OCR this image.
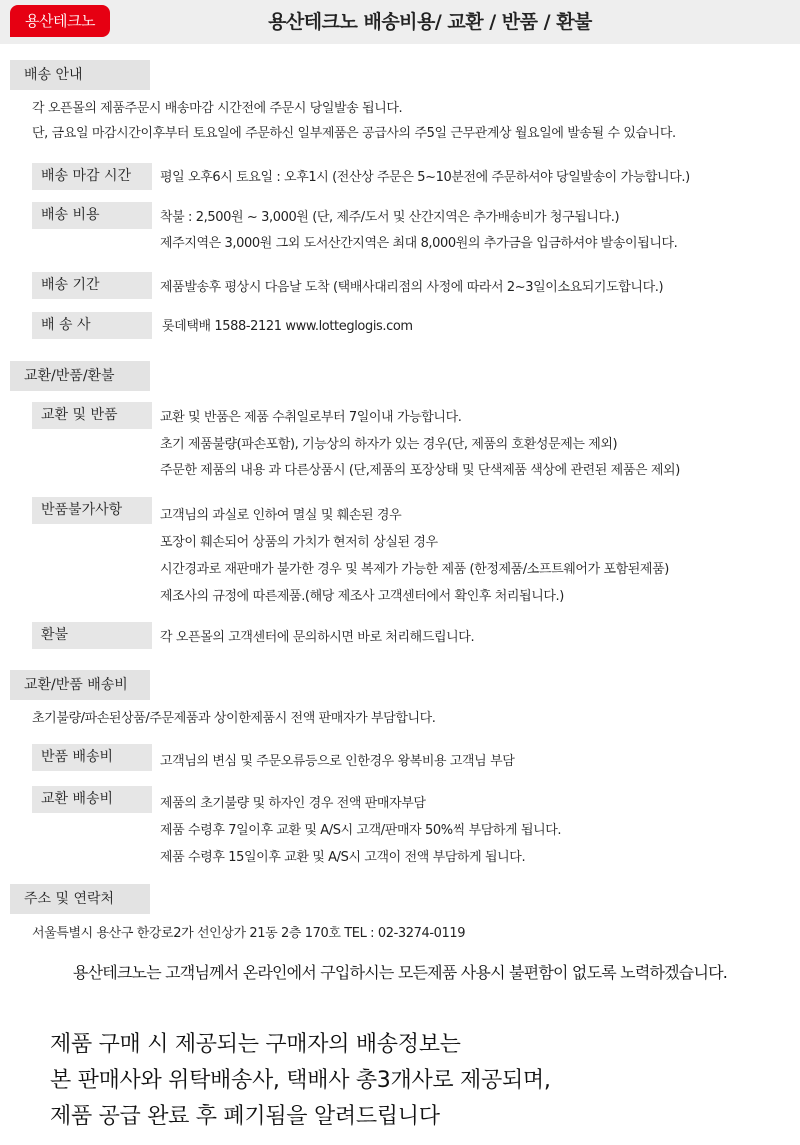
용산테크노	용산테크노 배송비용/ 교환 / 반품 / 환불
배송 안내
각 오픈몰의 제품주문시 배송마감 시간전에 주문시 당일발송 됩니다.
단, 금요일 마감시간이후부터 토요일에 주문하신 일부제품은 공급사의 주5일 근무관계상 월요일에 발송될 수 있습니다.
배송 마감 시간	평일 오후6시 토요일 : 오후1시 (전산상 주문은 5~10분전에 주문하셔야 당일발송이 가능합니다.)
배송 비용	착불 : 2,500원 ~ 3,000원 (단, 제주/도서 및 산간지역은 추가배송비가 청구됩니다.)
제주지역은 3,000원 그외 도서산간지역은 최대 8,000원의 추가금을 입금하셔야 발송이됩니다.
배송 기간	제품발송후 평상시 다음날 도착 (택배사대리점의 사정에 따라서 2~3일이소요되기도합니다.)
배 송 사	롯데택배 1588-2121 www.lotteglogis.com
교환/반품/환불
교환 및 반품	교환 및 반품은 제품 수취일로부터 7일이내 가능합니다.
초기 제품불량(파손포함), 기능상의 하자가 있는 경우(단, 제품의 호환성문제는 제외)
주문한 제품의 내용 과 다른상품시 (단,제품의 포장상태 및 단색제품 색상에 관련된 제품은 제외)
반품불가사항	고객님의 과실로 인하여 멸실 및 훼손된 경우
포장이 훼손되어 상품의 가치가 현저히 상실된 경우
시간경과로 재판매가 불가한 경우 및 복제가 가능한 제품 (한정제품/소프트웨어가 포함된제품)
제조사의 규정에 따른제품.(해당 제조사 고객센터에서 확인후 처리됩니다.)
환불	각 오픈몰의 고객센터에 문의하시면 바로 처리해드립니다.
교환/반품 배송비
초기불량/파손된상품/주문제품과 상이한제품시 전액 판매자가 부담합니다.
반품 배송비	고객님의 변심 및 주문오류등으로 인한경우 왕복비용 고객님 부담
교환 배송비	제품의 초기불량 및 하자인 경우 전액 판매자부담
제품 수령후 7일이후 교환 및 A/S시 고객/판매자 50%씩 부담하게 됩니다.
제품 수령후 15일이후 교환 및 A/S시 고객이 전액 부담하게 됩니다.
주소 및 연락처
서울특별시 용산구 한강로2가 선인상가 21동 2층 170호 TEL : 02-3274-0119
용산테크노는 고객님께서 온라인에서 구입하시는 모든제품 사용시 불편함이 없도록 노력하겠습니다.
제품 구매 시 제공되는 구매자의 배송정보는
본 판매사와 위탁배송사, 택배사 총3개사로 제공되며,
제품 공급 완료 후 폐기됨을 알려드립니다
